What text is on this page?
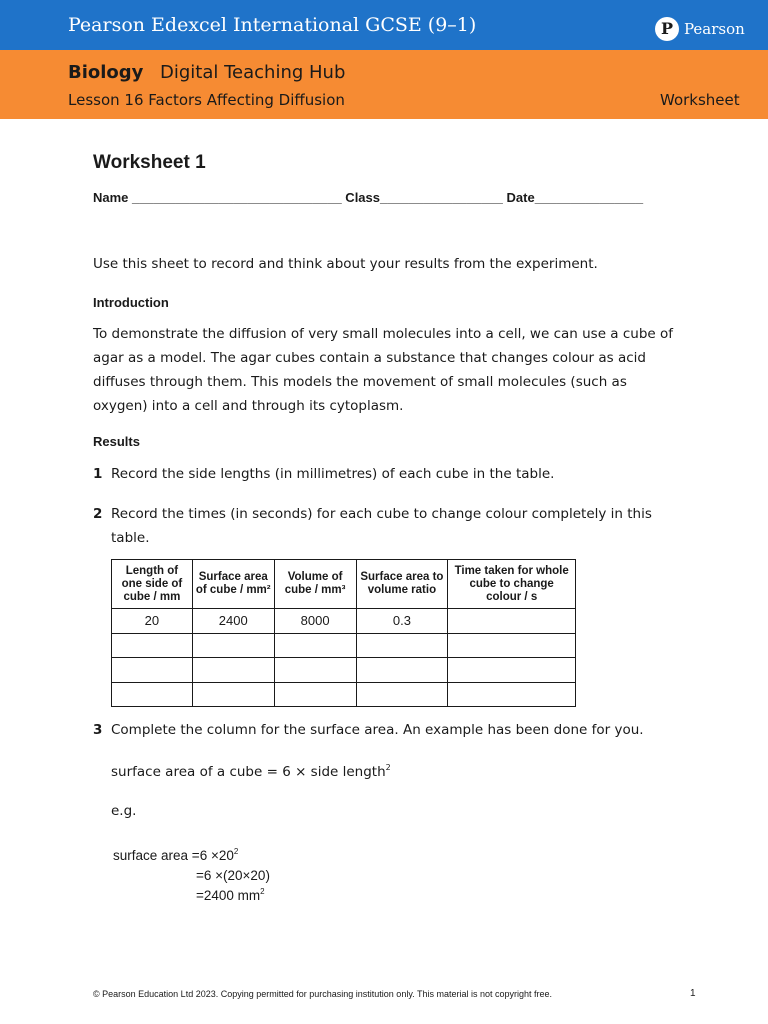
Pearson Edexcel International GCSE (9–1)	P Pearson
Biology Digital Teaching Hub
Lesson 16 Factors Affecting Diffusion	Worksheet
Worksheet 1
Name _____________________________ Class_________________ Date_______________
Use this sheet to record and think about your results from the experiment.
Introduction
To demonstrate the diffusion of very small molecules into a cell, we can use a cube of agar as a model. The agar cubes contain a substance that changes colour as acid diffuses through them. This models the movement of small molecules (such as oxygen) into a cell and through its cytoplasm.
Results
1 Record the side lengths (in millimetres) of each cube in the table.
2 Record the times (in seconds) for each cube to change colour completely in this table.
Length of one side of cube / mm	Surface area of cube / mm²	Volume of cube / mm³	Surface area to volume ratio	Time taken for whole cube to change colour / s
20	2400	8000	0.3	

3 Complete the column for the surface area. An example has been done for you.
surface area of a cube = 6 × side length$^2$
e.g.
surface area $=6 \times 20^2$
=6 ×(20×20)
=2400 $mm^2$
© Pearson Education Ltd 2023. Copying permitted for purchasing institution only. This material is not copyright free.	1
